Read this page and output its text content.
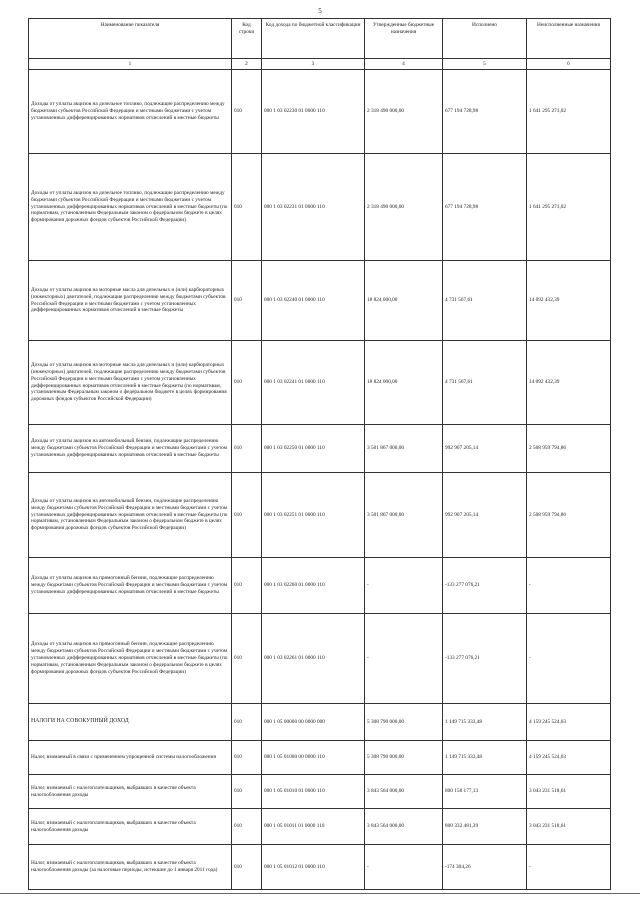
5
Наименование показателя	Код строки	Код дохода по бюджетной классификации	Утвержденные бюджетные назначения	Исполнено	Неисполненные назначения
1	2	3	4	5	6
Доходы от уплаты акцизов на дизельное топливо, подлежащие распределению между бюджетами субъектов Российской Федерации и местными бюджетами с учетом установленных дифференцированных нормативов отчислений в местные бюджеты	010	000 1 03 02230 01 0000 110	2 318 490 000,00	677 194 728,98	1 641 295 271,02
Доходы от уплаты акцизов на дизельное топливо, подлежащие распределению между бюджетами субъектов Российской Федерации и местными бюджетами с учетом установленных дифференцированных нормативов отчислений в местные бюджеты (по нормативам, установленным Федеральным законом о федеральном бюджете в целях формирования дорожных фондов субъектов Российской Федерации)	010	000 1 03 02231 01 0000 110	2 318 490 000,00	677 194 728,98	1 641 295 271,02
Доходы от уплаты акцизов на моторные масла для дизельных и (или) карбюраторных (инжекторных) двигателей, подлежащие распределению между бюджетами субъектов Российской Федерации и местными бюджетами с учетом установленных дифференцированных нормативов отчислений в местные бюджеты	010	000 1 03 02240 01 0000 110	18 824 000,00	4 731 567,61	14 092 432,39
Доходы от уплаты акцизов на моторные масла для дизельных и (или) карбюраторных (инжекторных) двигателей, подлежащие распределению между бюджетами субъектов Российской Федерации и местными бюджетами с учетом установленных дифференцированных нормативов отчислений в местные бюджеты (по нормативам, установленным Федеральным законом о федеральном бюджете в целях формирования дорожных фондов субъектов Российской Федерации)	010	000 1 03 02241 01 0000 110	18 824 000,00	4 731 567,61	14 092 432,39
Доходы от уплаты акцизов на автомобильный бензин, подлежащие распределению между бюджетами субъектов Российской Федерации и местными бюджетами с учетом установленных дифференцированных нормативов отчислений в местные бюджеты	010	000 1 03 02250 01 0000 110	3 501 867 000,00	992 907 205,14	2 508 959 794,86
Доходы от уплаты акцизов на автомобильный бензин, подлежащие распределению между бюджетами субъектов Российской Федерации и местными бюджетами с учетом установленных дифференцированных нормативов отчислений в местные бюджеты (по нормативам, установленным Федеральным законом о федеральном бюджете в целях формирования дорожных фондов субъектов Российской Федерации)	010	000 1 03 02251 01 0000 110	3 501 867 000,00	992 907 205,14	2 508 959 794,86
Доходы от уплаты акцизов на прямогонный бензин, подлежащие распределению между бюджетами субъектов Российской Федерации и местными бюджетами с учетом установленных дифференцированных нормативов отчислений в местные бюджеты	010	000 1 03 02260 01 0000 110	-	-133 277 076,21	-
Доходы от уплаты акцизов на прямогонный бензин, подлежащие распределению между бюджетами субъектов Российской Федерации и местными бюджетами с учетом установленных дифференцированных нормативов отчислений в местные бюджеты (по нормативам, установленным Федеральным законом о федеральном бюджете в целях формирования дорожных фондов субъектов Российской Федерации)	010	000 1 03 02261 01 0000 110	-	-133 277 076,21	-
НАЛОГИ НА СОВОКУПНЫЙ ДОХОД	010	000 1 05 00000 00 0000 000	5 308 790 000,00	1 149 715 333,48	4 159 245 524,03
Налог, взимаемый в связи с применением упрощенной системы налогообложения	010	000 1 05 01000 00 0000 110	5 308 790 000,00	1 149 715 333,48	4 159 245 524,03
Налог, взимаемый с налогоплательщиков, выбравших в качестве объекта налогообложения доходы	010	000 1 05 01010 01 0000 110	3 843 564 000,00	800 158 177,13	3 043 231 518,61
Налог, взимаемый с налогоплательщиков, выбравших в качестве объекта налогообложения доходы	010	000 1 05 01011 01 0000 110	3 843 564 000,00	800 332 481,39	3 043 231 518,61
Налог, взимаемый с налогоплательщиков, выбравших в качестве объекта налогообложения доходы (за налоговые периоды, истекшие до 1 января 2011 года)	010	000 1 05 01012 01 0000 110	-	-174 304,26	-
